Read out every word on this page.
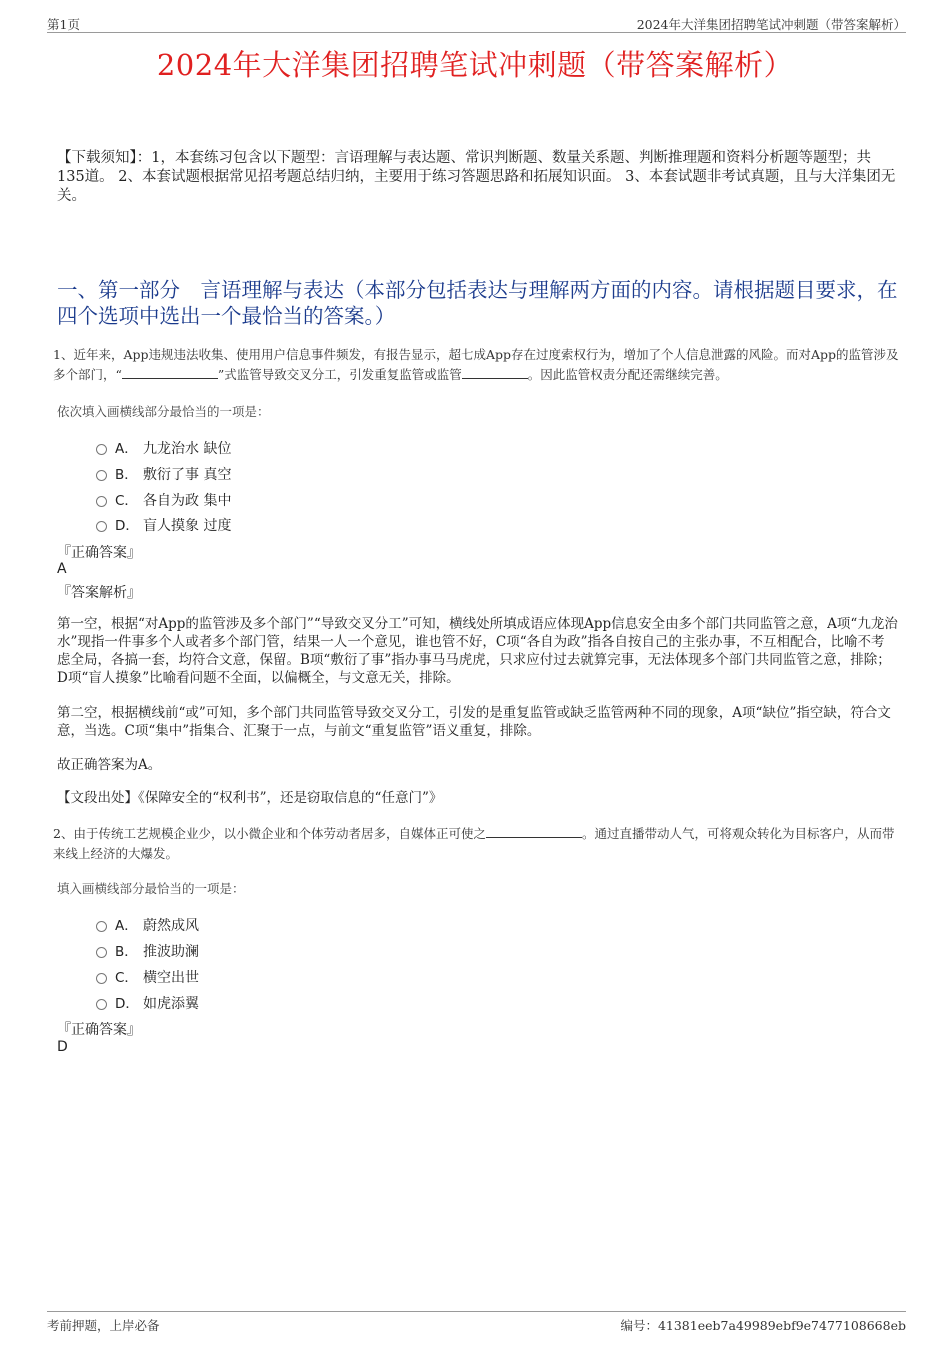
第1页	2024年大洋集团招聘笔试冲刺题（带答案解析）
2024年大洋集团招聘笔试冲刺题（带答案解析）
【下载须知】：1，本套练习包含以下题型：言语理解与表达题、常识判断题、数量关系题、判断推理题和资料分析题等题型；共135道。 2、本套试题根据常见招考题总结归纳，主要用于练习答题思路和拓展知识面。 3、本套试题非考试真题，且与大洋集团无关。
一、第一部分　言语理解与表达（本部分包括表达与理解两方面的内容。请根据题目要求，在四个选项中选出一个最恰当的答案。）
1、近年来，App违规违法收集、使用用户信息事件频发，有报告显示，超七成App存在过度索权行为，增加了个人信息泄露的风险。而对App的监管涉及多个部门，“	”式监管导致交叉分工，引发重复监管或监管	。因此监管权责分配还需继续完善。
依次填入画横线部分最恰当的一项是：
A． 九龙治水 缺位
B． 敷衍了事 真空
C． 各自为政 集中
D． 盲人摸象 过度
『正确答案』
A
『答案解析』
第一空，根据“对App的监管涉及多个部门”“导致交叉分工”可知，横线处所填成语应体现App信息安全由多个部门共同监管之意，A项“九龙治水”现指一件事多个人或者多个部门管，结果一人一个意见，谁也管不好，C项“各自为政”指各自按自己的主张办事，不互相配合，比喻不考虑全局，各搞一套，均符合文意，保留。B项“敷衍了事”指办事马马虎虎，只求应付过去就算完事，无法体现多个部门共同监管之意，排除；D项“盲人摸象”比喻看问题不全面，以偏概全，与文意无关，排除。
第二空，根据横线前“或”可知，多个部门共同监管导致交叉分工，引发的是重复监管或缺乏监管两种不同的现象，A项“缺位”指空缺，符合文意，当选。C项“集中”指集合、汇聚于一点，与前文“重复监管”语义重复，排除。
故正确答案为A。
【文段出处】《保障安全的“权利书”，还是窃取信息的“任意门”》
2、由于传统工艺规模企业少，以小微企业和个体劳动者居多，自媒体正可使之	。通过直播带动人气，可将观众转化为目标客户，从而带来线上经济的大爆发。
填入画横线部分最恰当的一项是：
A． 蔚然成风
B． 推波助澜
C． 横空出世
D． 如虎添翼
『正确答案』
D
考前押题，上岸必备	编号：41381eeb7a49989ebf9e7477108668eb
